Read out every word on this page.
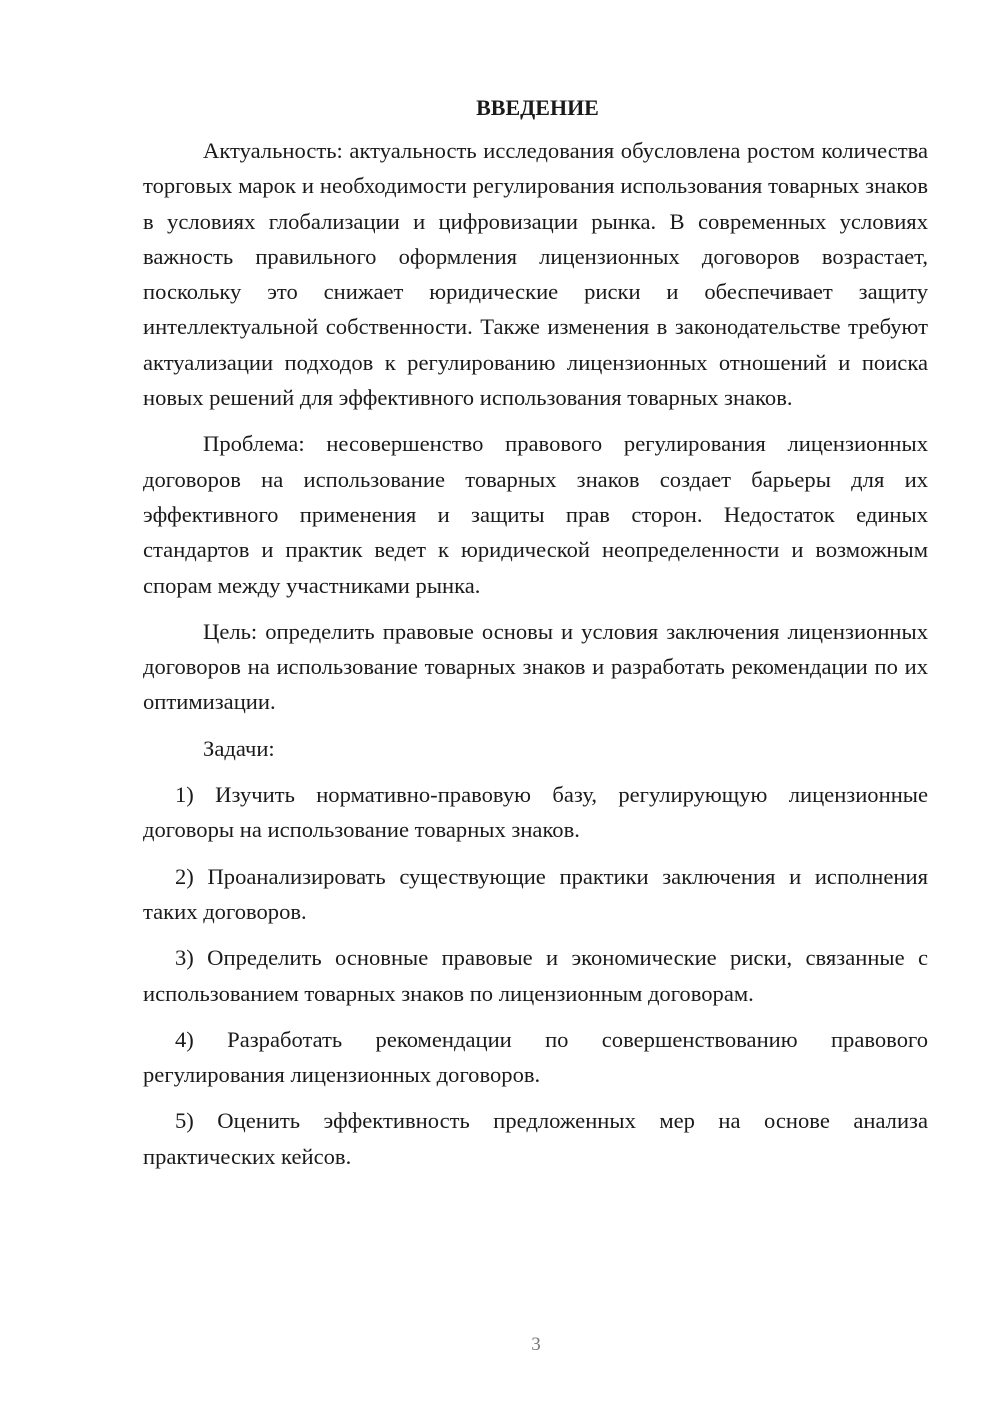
ВВЕДЕНИЕ

Актуальность: актуальность исследования обусловлена ростом количества торговых марок и необходимости регулирования использования товарных знаков в условиях глобализации и цифровизации рынка. В современных условиях важность правильного оформления лицензионных договоров возрастает, поскольку это снижает юридические риски и обеспечивает защиту интеллектуальной собственности. Также изменения в законодательстве требуют актуализации подходов к регулированию лицензионных отношений и поиска новых решений для эффективного использования товарных знаков.

Проблема: несовершенство правового регулирования лицензионных договоров на использование товарных знаков создает барьеры для их эффективного применения и защиты прав сторон. Недостаток единых стандартов и практик ведет к юридической неопределенности и возможным спорам между участниками рынка.

Цель: определить правовые основы и условия заключения лицензионных договоров на использование товарных знаков и разработать рекомендации по их оптимизации.

Задачи:

1) Изучить нормативно-правовую базу, регулирующую лицензионные договоры на использование товарных знаков.

2) Проанализировать существующие практики заключения и исполнения таких договоров.

3) Определить основные правовые и экономические риски, связанные с использованием товарных знаков по лицензионным договорам.

4) Разработать рекомендации по совершенствованию правового регулирования лицензионных договоров.

5) Оценить эффективность предложенных мер на основе анализа практических кейсов.

3
